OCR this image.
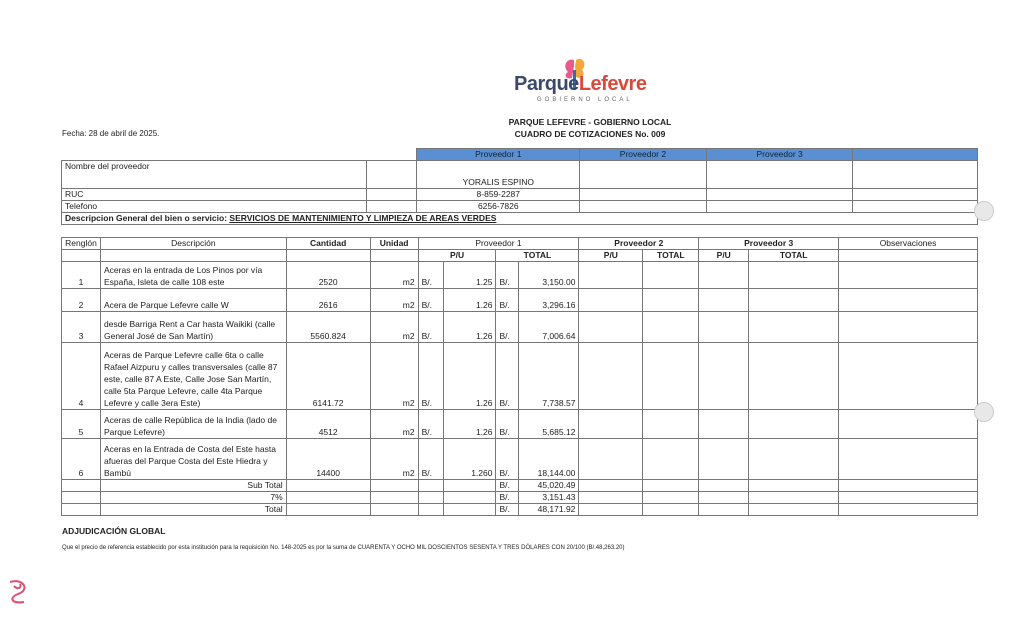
ParqueLefevre
GOBIERNO LOCAL
PARQUE LEFEVRE - GOBIERNO LOCAL
CUADRO DE COTIZACIONES No. 009
Fecha: 28 de abril de 2025.
		Proveedor 1	Proveedor 2	Proveedor 3	
Nombre del proveedor		YORALIS ESPINO			
RUC		8-859-2287			
Telefono		6256-7826			
Descripcion General del bien o servicio: SERVICIOS DE MANTENIMIENTO Y LIMPIEZA DE AREAS VERDES					
Renglón	Descripción	Cantidad	Unidad	Proveedor 1				Proveedor 2		Proveedor 3		Observaciones
				P/U		TOTAL		P/U	TOTAL	P/U	TOTAL	
1	Aceras en la entrada de Los Pinos por vía España, Isleta de calle 108 este	2520	m2	B/.	1.25	B/.	3,150.00					
2	Acera de Parque Lefevre calle W	2616	m2	B/.	1.26	B/.	3,296.16					
3	desde Barriga Rent a Car hasta Waikiki (calle General José de San Martín)	5560.824	m2	B/.	1.26	B/.	7,006.64					
4	Aceras de Parque Lefevre calle 6ta o calle Rafael Aizpuru y calles transversales (calle 87 este, calle 87 A Este, Calle Jose San Martín, calle 5ta Parque Lefevre, calle 4ta Parque Lefevre y calle 3era Este)	6141.72	m2	B/.	1.26	B/.	7,738.57					
5	Aceras de calle República de la India (lado de Parque Lefevre)	4512	m2	B/.	1.26	B/.	5,685.12					
6	Aceras en la Entrada de Costa del Este hasta afueras del Parque Costa del Este Hiedra y Bambú	14400	m2	B/.	1.260	B/.	18,144.00					
	Sub Total					B/.	45,020.49					
	7%					B/.	3,151.43					
	Total					B/.	48,171.92					
ADJUDICACIÓN GLOBAL
Que el precio de referencia establecido por esta institución para la requisición No. 148-2025 es por la suma de CUARENTA Y OCHO MIL DOSCIENTOS SESENTA Y TRES DÓLARES CON 20/100 (B/.48,263.20)
